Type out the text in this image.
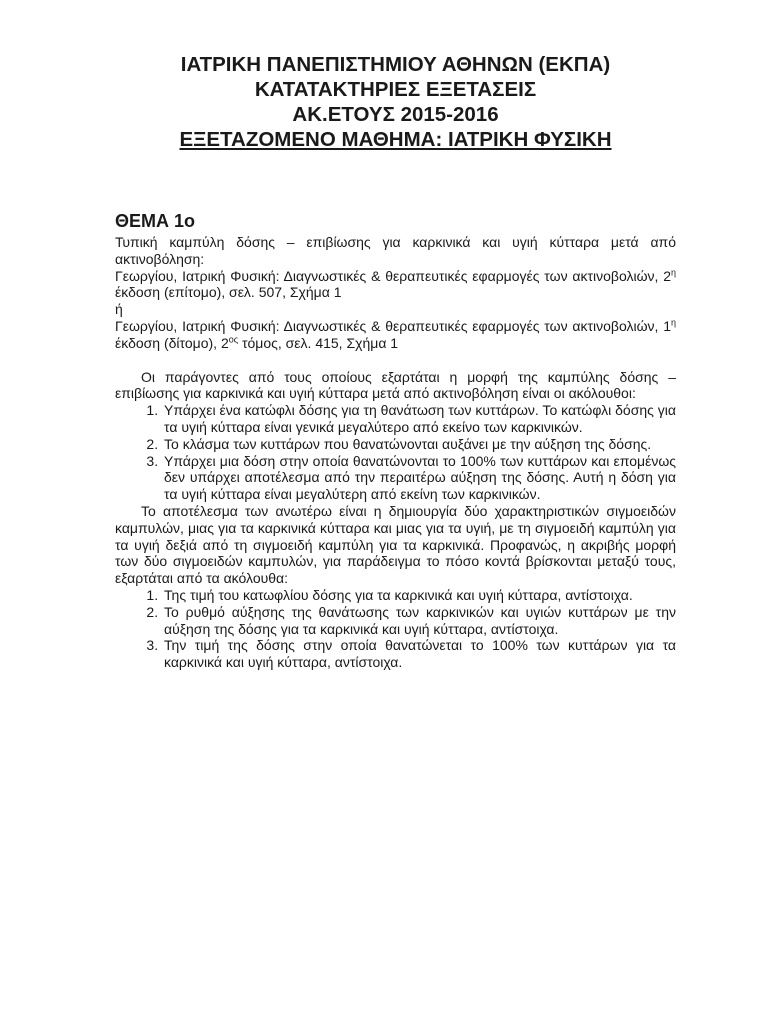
ΙΑΤΡΙΚΗ ΠΑΝΕΠΙΣΤΗΜΙΟΥ ΑΘΗΝΩΝ (ΕΚΠΑ)

ΚΑΤΑΤΑΚΤΗΡΙΕΣ ΕΞΕΤΑΣΕΙΣ

ΑΚ.ΕΤΟΥΣ 2015-2016

ΕΞΕΤΑΖΟΜΕΝΟ ΜΑΘΗΜΑ: ΙΑΤΡΙΚΗ ΦΥΣΙΚΗ

ΘΕΜΑ 1ο

Τυπική καμπύλη δόσης – επιβίωσης για καρκινικά και υγιή κύτταρα μετά από ακτινοβόληση:

Γεωργίου, Ιατρική Φυσική: Διαγνωστικές & θεραπευτικές εφαρμογές των ακτινοβολιών, $2^\eta$ έκδοση (επίτομο), σελ. 507, Σχήμα 1

ή

Γεωργίου, Ιατρική Φυσική: Διαγνωστικές & θεραπευτικές εφαρμογές των ακτινοβολιών, $1^\eta$ έκδοση (δίτομο), $2^{o\varsigma}$ τόμος, σελ. 415, Σχήμα 1

Οι παράγοντες από τους οποίους εξαρτάται η μορφή της καμπύλης δόσης – επιβίωσης για καρκινικά και υγιή κύτταρα μετά από ακτινοβόληση είναι οι ακόλουθοι:

1. Υπάρχει ένα κατώφλι δόσης για τη θανάτωση των κυττάρων. Το κατώφλι δόσης για τα υγιή κύτταρα είναι γενικά μεγαλύτερο από εκείνο των καρκινικών.
2. Το κλάσμα των κυττάρων που θανατώνονται αυξάνει με την αύξηση της δόσης.
3. Υπάρχει μια δόση στην οποία θανατώνονται το 100% των κυττάρων και επομένως δεν υπάρχει αποτέλεσμα από την περαιτέρω αύξηση της δόσης. Αυτή η δόση για τα υγιή κύτταρα είναι μεγαλύτερη από εκείνη των καρκινικών.

Το αποτέλεσμα των ανωτέρω είναι η δημιουργία δύο χαρακτηριστικών σιγμοειδών καμπυλών, μιας για τα καρκινικά κύτταρα και μιας για τα υγιή, με τη σιγμοειδή καμπύλη για τα υγιή δεξιά από τη σιγμοειδή καμπύλη για τα καρκινικά. Προφανώς, η ακριβής μορφή των δύο σιγμοειδών καμπυλών, για παράδειγμα το πόσο κοντά βρίσκονται μεταξύ τους, εξαρτάται από τα ακόλουθα:

1. Της τιμή του κατωφλίου δόσης για τα καρκινικά και υγιή κύτταρα, αντίστοιχα.
2. Το ρυθμό αύξησης της θανάτωσης των καρκινικών και υγιών κυττάρων με την αύξηση της δόσης για τα καρκινικά και υγιή κύτταρα, αντίστοιχα.
3. Την τιμή της δόσης στην οποία θανατώνεται το 100% των κυττάρων για τα καρκινικά και υγιή κύτταρα, αντίστοιχα.
